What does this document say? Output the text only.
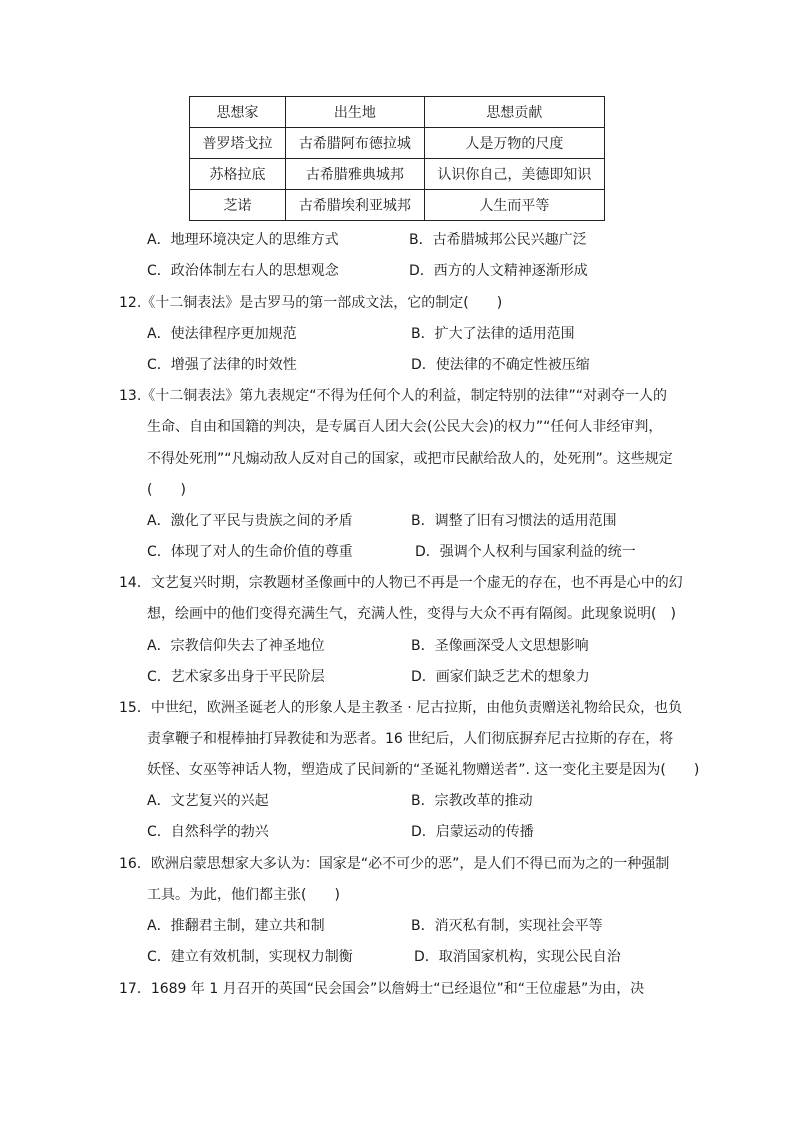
思想家	出生地	思想贡献
普罗塔戈拉	古希腊阿布德拉城	人是万物的尺度
苏格拉底	古希腊雅典城邦	认识你自己，美德即知识
芝诺	古希腊埃利亚城邦	人生而平等
A．地理环境决定人的思维方式	B．古希腊城邦公民兴趣广泛
C．政治体制左右人的思想观念	D．西方的人文精神逐渐形成
12.《十二铜表法》是古罗马的第一部成文法，它的制定(　　)
A．使法律程序更加规范	B．扩大了法律的适用范围
C．增强了法律的时效性	D．使法律的不确定性被压缩
13.《十二铜表法》第九表规定“不得为任何个人的利益，制定特别的法律”“对剥夺一人的
生命、自由和国籍的判决，是专属百人团大会(公民大会)的权力”“任何人非经审判，
不得处死刑”“凡煽动敌人反对自己的国家，或把市民献给敌人的，处死刑”。这些规定
(　　)
A．激化了平民与贵族之间的矛盾	B．调整了旧有习惯法的适用范围
C．体现了对人的生命价值的尊重	D．强调个人权利与国家利益的统一
14．文艺复兴时期，宗教题材圣像画中的人物已不再是一个虚无的存在，也不再是心中的幻
想，绘画中的他们变得充满生气，充满人性，变得与大众不再有隔阂。此现象说明(　)
A．宗教信仰失去了神圣地位	B．圣像画深受人文思想影响
C．艺术家多出身于平民阶层	D．画家们缺乏艺术的想象力
15．中世纪，欧洲圣诞老人的形象人是主教圣 · 尼古拉斯，由他负责赠送礼物给民众，也负
责拿鞭子和棍棒抽打异教徒和为恶者。16 世纪后，人们彻底摒弃尼古拉斯的存在，将
妖怪、女巫等神话人物，塑造成了民间新的“圣诞礼物赠送者”. 这一变化主要是因为(　　)
A．文艺复兴的兴起	B．宗教改革的推动
C．自然科学的勃兴	D．启蒙运动的传播
16．欧洲启蒙思想家大多认为：国家是“必不可少的恶”，是人们不得已而为之的一种强制
工具。为此，他们都主张(　　)
A．推翻君主制，建立共和制	B．消灭私有制，实现社会平等
C．建立有效机制，实现权力制衡	D．取消国家机构，实现公民自治
17．1689 年 1 月召开的英国“民会国会”以詹姆士“已经退位”和“王位虚悬”为由，决
